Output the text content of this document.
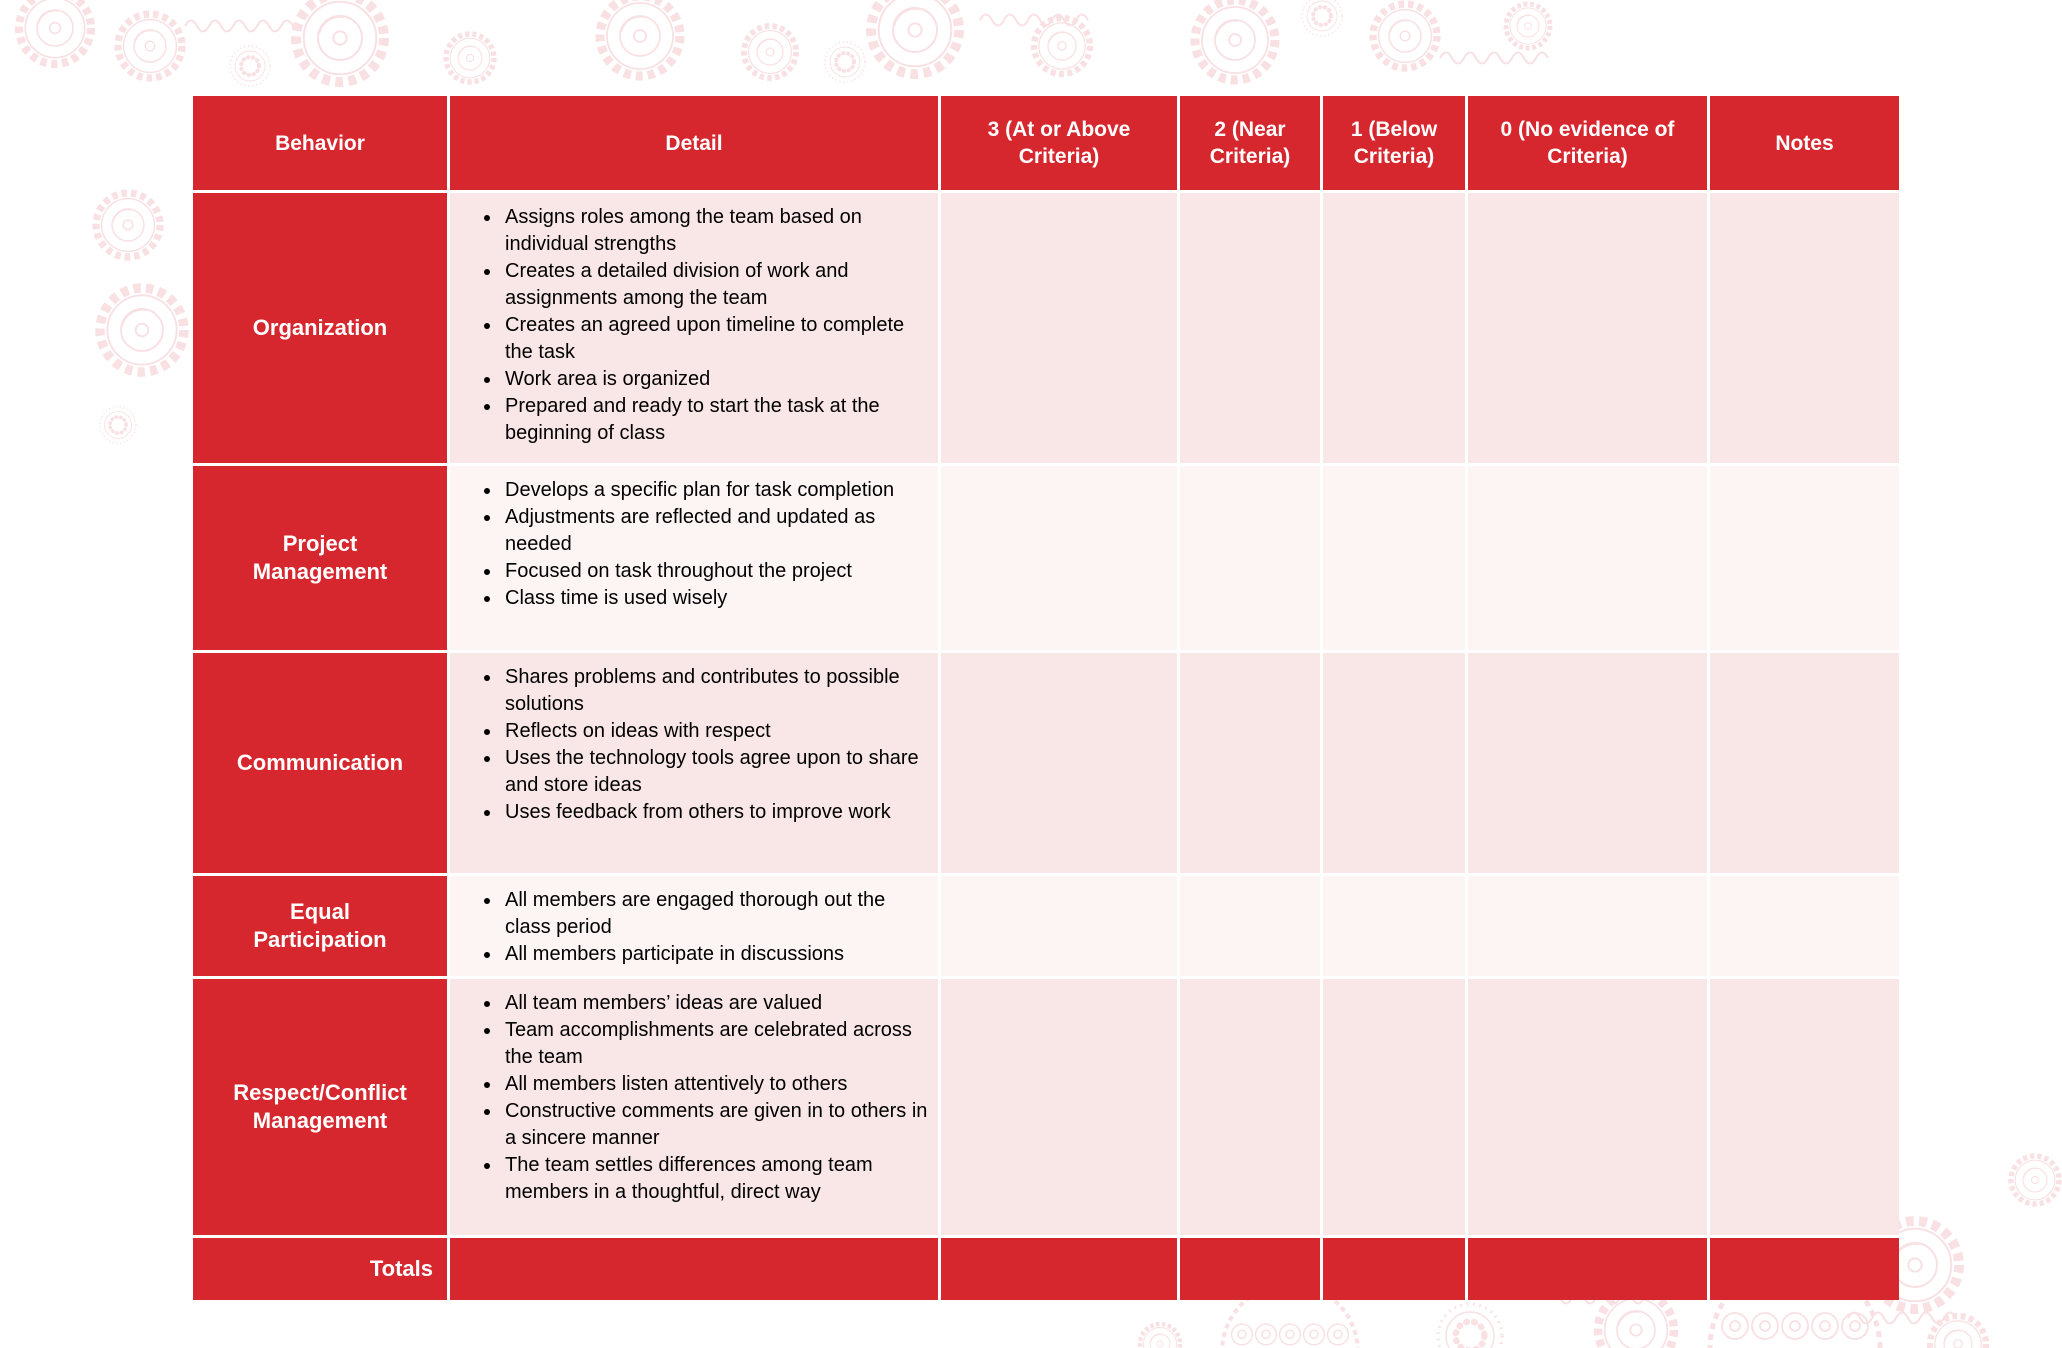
Behavior	Detail
3 (At or Above Criteria)
2 (Near Criteria)
1 (Below Criteria)
0 (No evidence of Criteria)
Notes
Organization
• Assigns roles among the team based on individual strengths
• Creates a detailed division of work and assignments among the team
• Creates an agreed upon timeline to complete the task
• Work area is organized
• Prepared and ready to start the task at the beginning of class
Project Management
• Develops a specific plan for task completion
• Adjustments are reflected and updated as needed
• Focused on task throughout the project
• Class time is used wisely
Communication
• Shares problems and contributes to possible solutions
• Reflects on ideas with respect
• Uses the technology tools agree upon to share and store ideas
• Uses feedback from others to improve work
Equal Participation
• All members are engaged thorough out the class period
• All members participate in discussions
Respect/Conflict Management
• All team members’ ideas are valued
• Team accomplishments are celebrated across the team
• All members listen attentively to others
• Constructive comments are given in to others in a sincere manner
• The team settles differences among team members in a thoughtful, direct way
Totals
